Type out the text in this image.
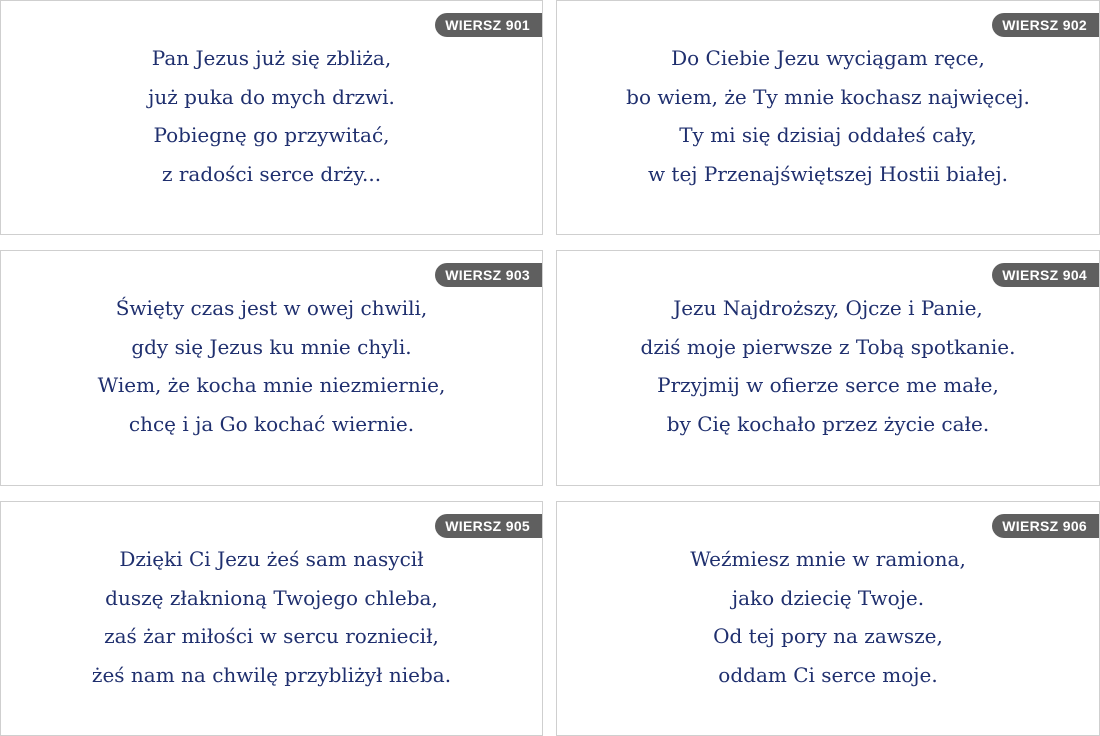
WIERSZ 901
Pan Jezus już się zbliża,
już puka do mych drzwi.
Pobiegnę go przywitać,
z radości serce drży...
WIERSZ 902
Do Ciebie Jezu wyciągam ręce,
bo wiem, że Ty mnie kochasz najwięcej.
Ty mi się dzisiaj oddałeś cały,
w tej Przenajświętszej Hostii białej.
WIERSZ 903
Święty czas jest w owej chwili,
gdy się Jezus ku mnie chyli.
Wiem, że kocha mnie niezmiernie,
chcę i ja Go kochać wiernie.
WIERSZ 904
Jezu Najdroższy, Ojcze i Panie,
dziś moje pierwsze z Tobą spotkanie.
Przyjmij w ofierze serce me małe,
by Cię kochało przez życie całe.
WIERSZ 905
Dzięki Ci Jezu żeś sam nasycił
duszę złaknioną Twojego chleba,
zaś żar miłości w sercu rozniecił,
żeś nam na chwilę przybliżył nieba.
WIERSZ 906
Weźmiesz mnie w ramiona,
jako dziecię Twoje.
Od tej pory na zawsze,
oddam Ci serce moje.
